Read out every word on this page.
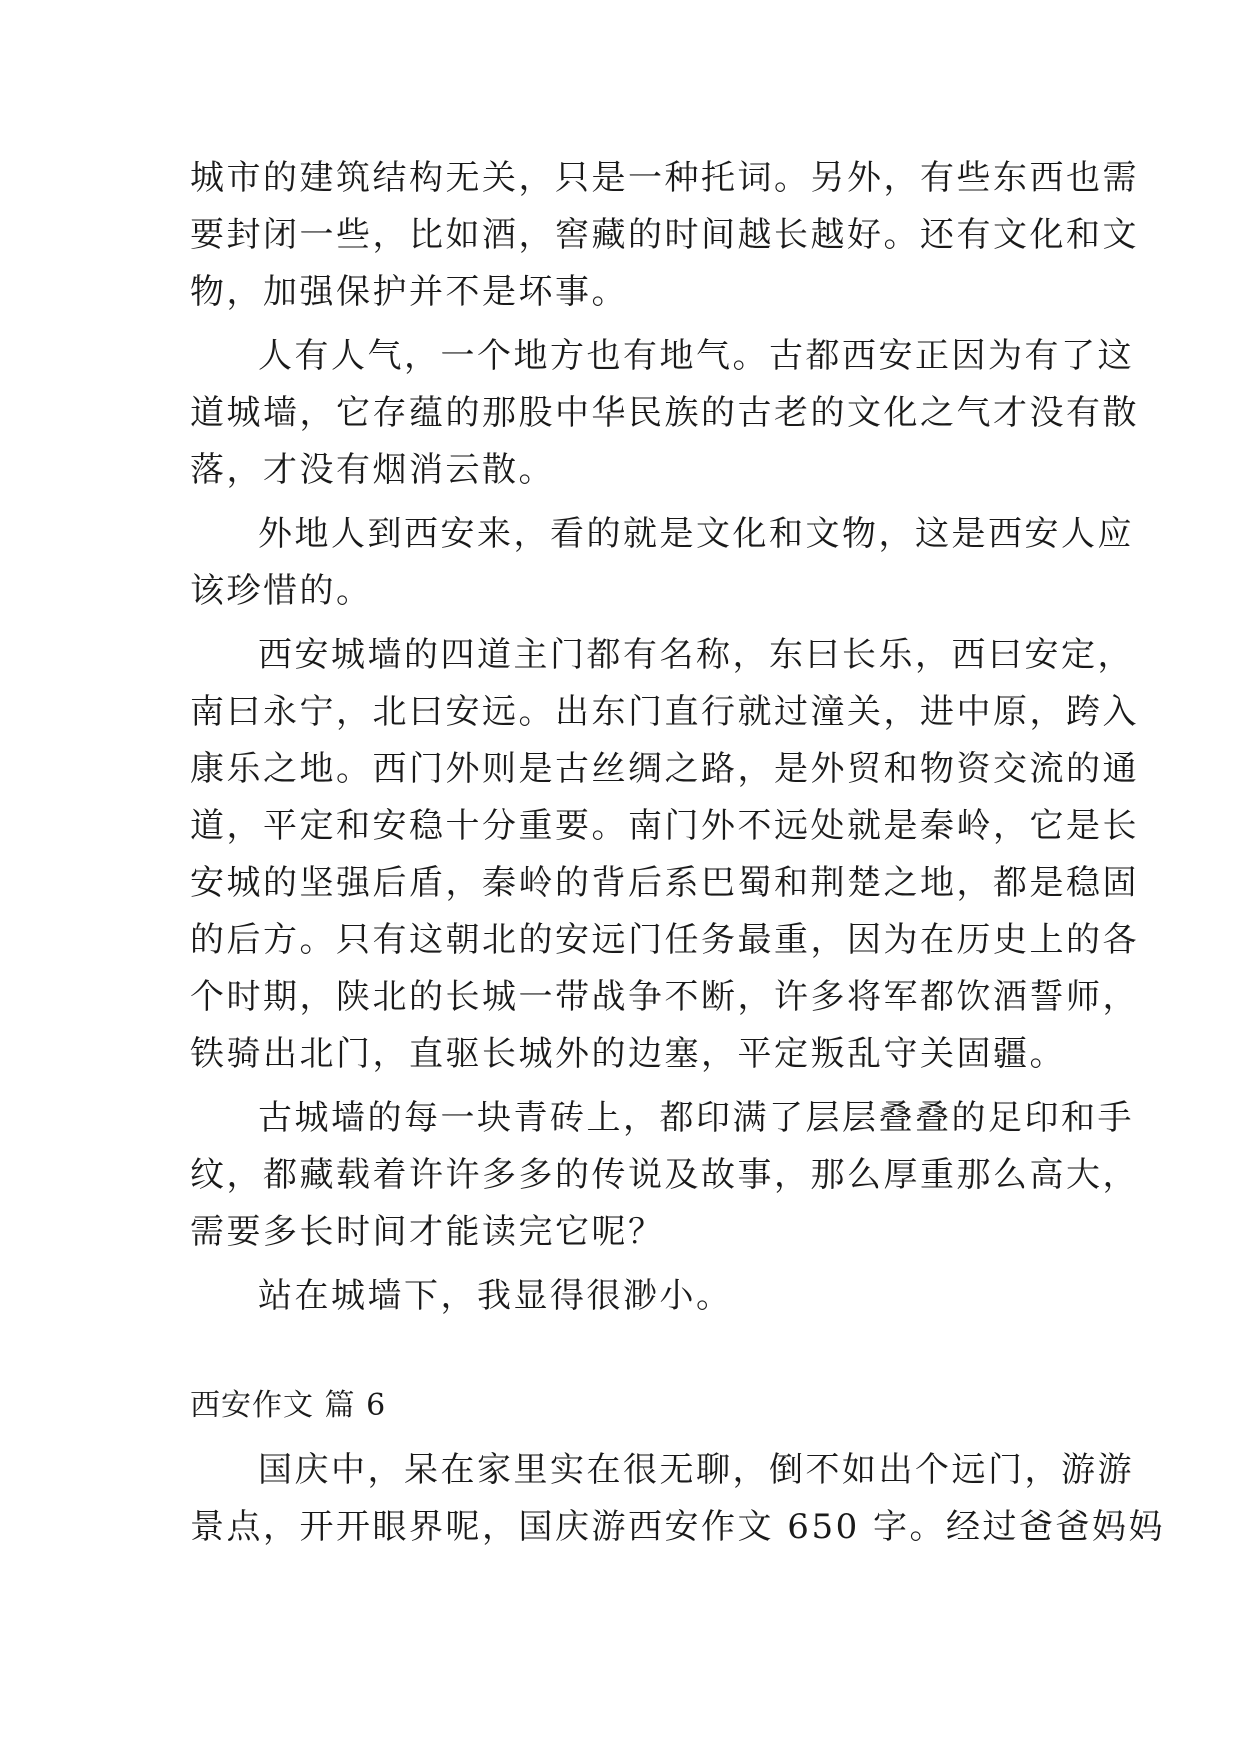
城市的建筑结构无关，只是一种托词。另外，有些东西也需
要封闭一些，比如酒，窖藏的时间越长越好。还有文化和文
物，加强保护并不是坏事。
人有人气，一个地方也有地气。古都西安正因为有了这
道城墙，它存蕴的那股中华民族的古老的文化之气才没有散
落，才没有烟消云散。
外地人到西安来，看的就是文化和文物，这是西安人应
该珍惜的。
西安城墙的四道主门都有名称，东曰长乐，西曰安定，
南曰永宁，北曰安远。出东门直行就过潼关，进中原，跨入
康乐之地。西门外则是古丝绸之路，是外贸和物资交流的通
道，平定和安稳十分重要。南门外不远处就是秦岭，它是长
安城的坚强后盾，秦岭的背后系巴蜀和荆楚之地，都是稳固
的后方。只有这朝北的安远门任务最重，因为在历史上的各
个时期，陕北的长城一带战争不断，许多将军都饮酒誓师，
铁骑出北门，直驱长城外的边塞，平定叛乱守关固疆。
古城墙的每一块青砖上，都印满了层层叠叠的足印和手
纹，都藏载着许许多多的传说及故事，那么厚重那么高大，
需要多长时间才能读完它呢？
站在城墙下，我显得很渺小。
西安作文 篇 6
国庆中，呆在家里实在很无聊，倒不如出个远门，游游
景点，开开眼界呢，国庆游西安作文 650 字。经过爸爸妈妈
